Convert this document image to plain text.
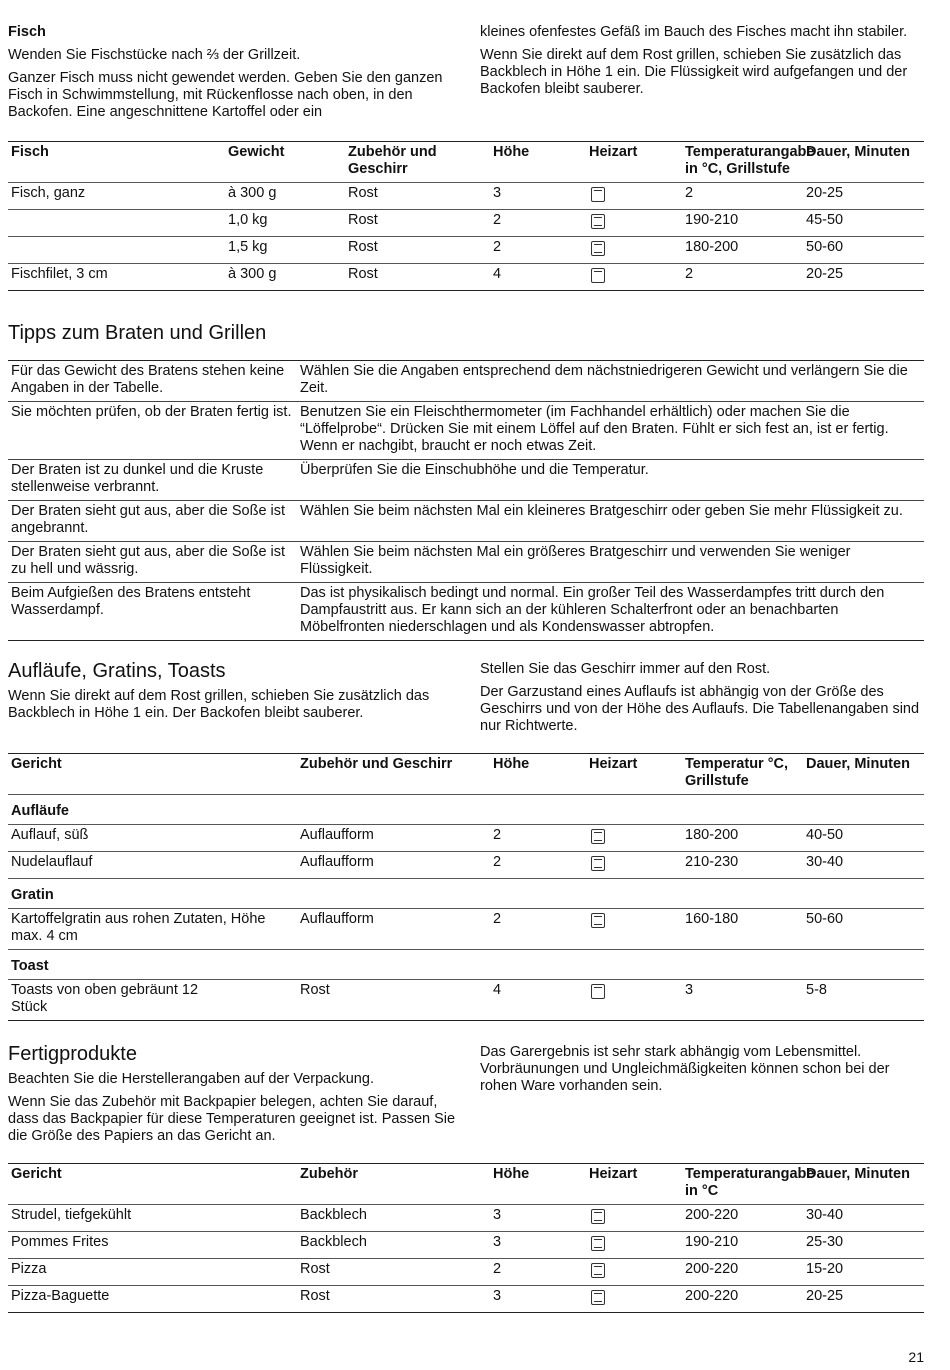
Fisch

Wenden Sie Fischstücke nach ⅔ der Grillzeit.

Ganzer Fisch muss nicht gewendet werden. Geben Sie den ganzen Fisch in Schwimmstellung, mit Rückenflosse nach oben, in den Backofen. Eine angeschnittene Kartoffel oder ein

kleines ofenfestes Gefäß im Bauch des Fisches macht ihn stabiler.

Wenn Sie direkt auf dem Rost grillen, schieben Sie zusätzlich das Backblech in Höhe 1 ein. Die Flüssigkeit wird aufgefangen und der Backofen bleibt sauberer.

Fisch	Gewicht	Zubehör und Geschirr	Höhe	Heizart	Temperaturangabe in °C, Grillstufe	Dauer, Minuten
Fisch, ganz	à 300 g	Rost	3		2	20-25
	1,0 kg	Rost	2		190-210	45-50
	1,5 kg	Rost	2		180-200	50-60
Fischfilet, 3 cm	à 300 g	Rost	4		2	20-25
Tipps zum Braten und Grillen
Für das Gewicht des Bratens stehen keine Angaben in der Tabelle.	Wählen Sie die Angaben entsprechend dem nächstniedrigeren Gewicht und verlängern Sie die Zeit.
Sie möchten prüfen, ob der Braten fertig ist.	Benutzen Sie ein Fleischthermometer (im Fachhandel erhältlich) oder machen Sie die “Löffelprobe“. Drücken Sie mit einem Löffel auf den Braten. Fühlt er sich fest an, ist er fertig. Wenn er nachgibt, braucht er noch etwas Zeit.
Der Braten ist zu dunkel und die Kruste stellenweise verbrannt.	Überprüfen Sie die Einschubhöhe und die Temperatur.
Der Braten sieht gut aus, aber die Soße ist angebrannt.	Wählen Sie beim nächsten Mal ein kleineres Bratgeschirr oder geben Sie mehr Flüssigkeit zu.
Der Braten sieht gut aus, aber die Soße ist zu hell und wässrig.	Wählen Sie beim nächsten Mal ein größeres Bratgeschirr und verwenden Sie weniger Flüssigkeit.
Beim Aufgießen des Bratens entsteht Wasserdampf.	Das ist physikalisch bedingt und normal. Ein großer Teil des Wasserdampfes tritt durch den Dampfaustritt aus. Er kann sich an der kühleren Schalterfront oder an benachbarten Möbelfronten niederschlagen und als Kondenswasser abtropfen.
Aufläufe, Gratins, Toasts

Wenn Sie direkt auf dem Rost grillen, schieben Sie zusätzlich das Backblech in Höhe 1 ein. Der Backofen bleibt sauberer.

Stellen Sie das Geschirr immer auf den Rost.

Der Garzustand eines Auflaufs ist abhängig von der Größe des Geschirrs und von der Höhe des Auflaufs. Die Tabellenangaben sind nur Richtwerte.

Gericht	Zubehör und Geschirr	Höhe	Heizart	Temperatur °C, Grillstufe	Dauer, Minuten
Aufläufe					
Auflauf, süß	Auflaufform	2		180-200	40-50
Nudelauflauf	Auflaufform	2		210-230	30-40
Gratin					
Kartoffelgratin aus rohen Zutaten, Höhe max. 4 cm	Auflaufform	2		160-180	50-60
Toast					
Toasts von oben gebräunt 12 Stück	Rost	4		3	5-8
Fertigprodukte

Beachten Sie die Herstellerangaben auf der Verpackung.

Wenn Sie das Zubehör mit Backpapier belegen, achten Sie darauf, dass das Backpapier für diese Temperaturen geeignet ist. Passen Sie die Größe des Papiers an das Gericht an.

Das Garergebnis ist sehr stark abhängig vom Lebensmittel. Vorbräunungen und Ungleichmäßigkeiten können schon bei der rohen Ware vorhanden sein.

Gericht	Zubehör	Höhe	Heizart	Temperaturangabe in °C	Dauer, Minuten
Strudel, tiefgekühlt	Backblech	3		200-220	30-40
Pommes Frites	Backblech	3		190-210	25-30
Pizza	Rost	2		200-220	15-20
Pizza-Baguette	Rost	3		200-220	20-25
21
